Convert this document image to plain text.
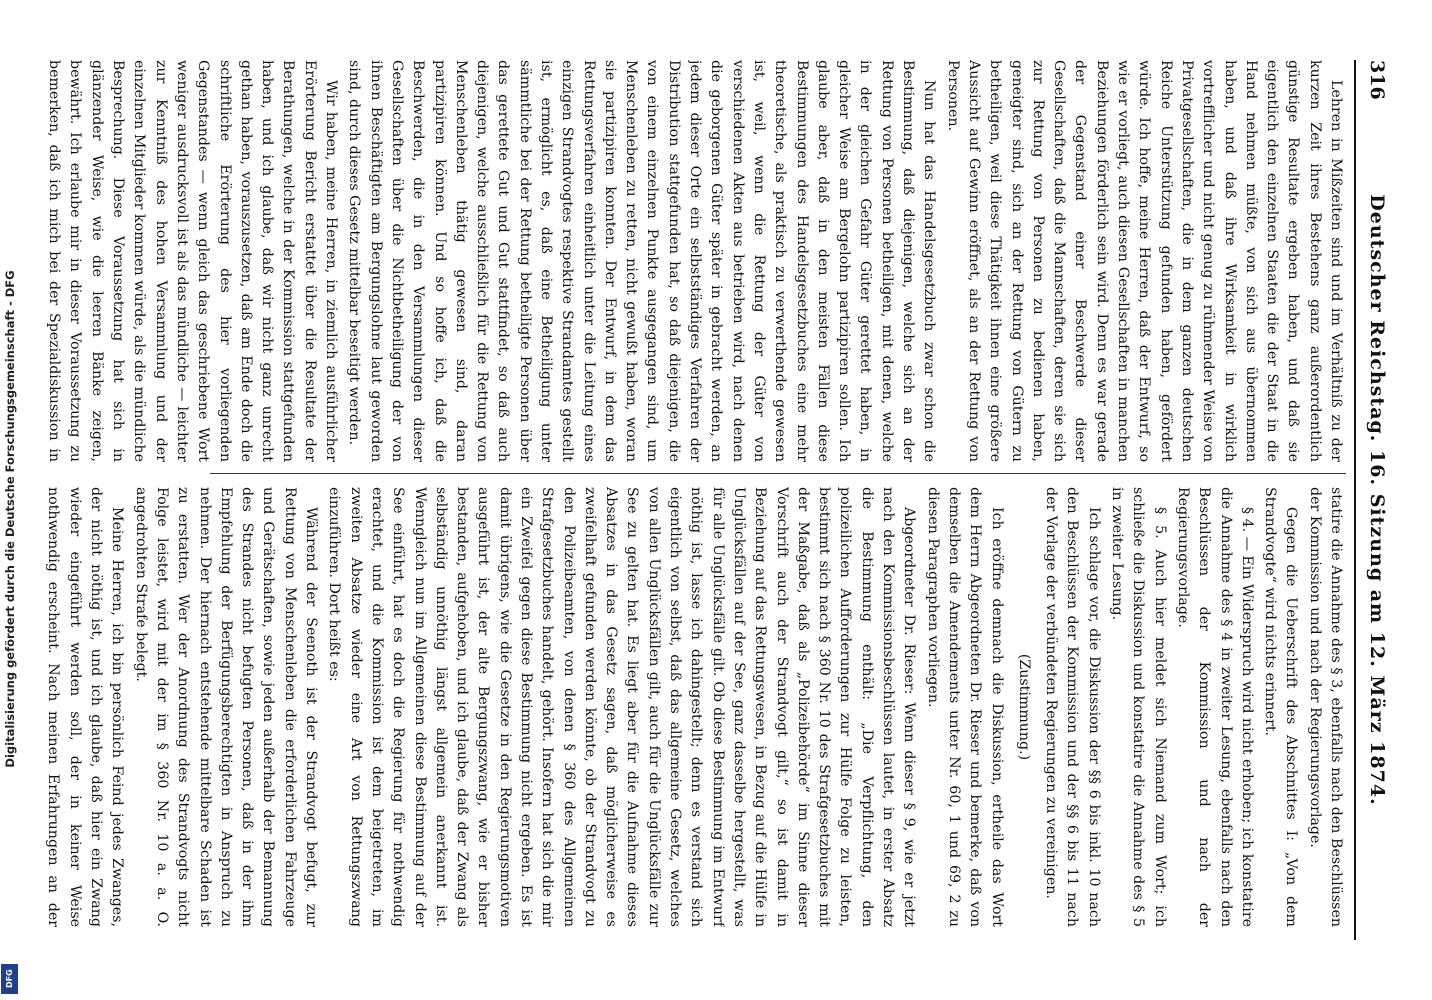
316
Deutscher Reichstag. 16. Sitzung am 12. März 1874.

Lehren in Mißzeiten sind und im Verhältniß zu der kurzen Zeit ihres Bestehens ganz außerordentlich günstige Resultate ergeben haben, und daß sie eigentlich den einzelnen Staaten die der Staat in die Hand nehmen müßte, von sich aus übernommen haben, und daß ihre Wirksamkeit in wirklich vortrefflicher und nicht genug zu rühmender Weise von Privatgesellschaften, die in dem ganzen deutschen Reiche Unterstützung gefunden haben, gefördert würde. Ich hoffe, meine Herren, daß der Entwurf, so wie er vorliegt, auch diesen Gesellschaften in manchen Beziehungen förderlich sein wird. Denn es war gerade der Gegenstand einer Beschwerde dieser Gesellschaften, daß die Mannschaften, deren sie sich zur Rettung von Personen zu bedienen haben, geneigter sind, sich an der Rettung von Gütern zu betheiligen, weil diese Thätigkeit ihnen eine größere Aussicht auf Gewinn eröffnet, als an der Rettung von Personen.

Nun hat das Handelsgesetzbuch zwar schon die Bestimmung, daß diejenigen, welche sich an der Rettung von Personen betheiligen, mit denen, welche in der gleichen Gefahr Güter gerettet haben, in gleicher Weise am Bergelohn partizipiren sollen. Ich glaube aber, daß in den meisten Fällen diese Bestimmungen des Handelsgesetzbuches eine mehr theoretische, als praktisch zu verwerthende gewesen ist, weil, wenn die Rettung der Güter von verschiedenen Akten aus betrieben wird, nach denen die geborgenen Güter später in gebracht werden, an jedem dieser Orte ein selbstständiges Verfahren der Distribution stattgefunden hat, so daß diejenigen, die von einem einzelnen Punkte ausgegangen sind, um Menschenleben zu retten, nicht gewußt haben, woran sie partizipiren konnten. Der Entwurf, in dem das Rettungsverfahren einheitlich unter die Leitung eines einzigen Strandvogtes respektive Strandamtes gestellt ist, ermöglicht es, daß eine Betheiligung unter sämmtliche bei der Rettung betheiligte Personen über das gerettete Gut und Gut stattfindet, so daß auch diejenigen, welche ausschließlich für die Rettung von Menschenleben thätig gewesen sind, daran partizipiren können. Und so hoffe ich, daß die Beschwerden, die in den Versammlungen dieser Gesellschaften über die Nichtbetheiligung der von ihnen Beschäftigten am Bergungslohne laut geworden sind, durch dieses Gesetz mittelbar beseitigt werden.

Wir haben, meine Herren, in ziemlich ausführlicher Erörterung Bericht erstattet über die Resultate der Berathungen, welche in der Kommission stattgefunden haben, und ich glaube, daß wir nicht ganz unrecht gethan haben, vorauszusetzen, daß am Ende doch die schriftliche Erörterung des hier vorliegenden Gegenstandes — wenn gleich das geschriebene Wort weniger ausdrucksvoll ist als das mündliche — leichter zur Kenntniß des hohen Versammlung und der einzelnen Mitglieder kommen würde, als die mündliche Besprechung. Diese Voraussetzung hat sich in glänzender Weise, wie die leeren Bänke zeigen, bewährt. Ich erlaube mir in dieser Voraussetzung zu bemerken, daß ich mich bei der Spezialdiskussion in

statire die Annahme des § 3, ebenfalls nach den Beschlüssen der Kommission und nach der Regierungsvorlage.

Gegen die Ueberschrift des Abschnittes I: „Von dem Strandvogte“ wird nichts erinnert.

§ 4. — Ein Widerspruch wird nicht erhoben; ich konstatire die Annahme des § 4 in zweiter Lesung, ebenfalls nach den Beschlüssen der Kommission und nach der Regierungsvorlage.

§ 5. Auch hier meldet sich Niemand zum Wort; ich schließe die Diskussion und konstatire die Annahme des § 5 in zweiter Lesung.

Ich schlage vor, die Diskussion der §§ 6 bis inkl. 10 nach den Beschlüssen der Kommission und der §§ 6 bis 11 nach der Vorlage der verbündeten Regierungen zu vereinigen.

(Zustimmung.)

Ich eröffne demnach die Diskussion, ertheile das Wort dem Herrn Abgeordneten Dr. Rieser und bemerke, daß von demselben die Amendements unter Nr. 60, 1 und 69, 2 zu diesen Paragraphen vorliegen.

Abgeordneter Dr. Rieser: Wenn dieser § 9, wie er jetzt nach den Kommissionsbeschlüssen lautet, in erster Absatz die Bestimmung enthält: „Die Verpflichtung, den polizeilichen Aufforderungen zur Hülfe Folge zu leisten, bestimmt sich nach § 360 Nr. 10 des Strafgesetzbuches mit der Maßgabe, daß als „Polizeibehörde“ im Sinne dieser Vorschrift auch der Strandvogt gilt,“ so ist damit in Beziehung auf das Rettungswesen, in Bezug auf die Hülfe in Unglücksfällen auf der See, ganz dasselbe hergestellt, was für alle Unglücksfälle gilt. Ob diese Bestimmung im Entwurf nöthig ist, lasse ich dahingestellt; denn es verstand sich eigentlich von selbst, daß das allgemeine Gesetz, welches von allen Unglücksfällen gilt, auch für die Unglücksfälle zur See zu gelten hat. Es liegt aber für die Aufnahme dieses Absatzes in das Gesetz sagen, daß möglicherweise es zweifelhaft gefunden werden könnte, ob der Strandvogt zu den Polizeibeamten, von denen § 360 des Allgemeinen Strafgesetzbuches handelt, gehört. Insofern hat sich die mir ein Zweifel gegen diese Bestimmung nicht ergeben. Es ist damit übrigens, wie die Gesetze in den Regierungsmotiven ausgeführt ist, der alte Bergungszwang, wie er bisher bestanden, aufgehoben, und ich glaube, daß der Zwang als selbständig unnöthig längst allgemein anerkannt ist. Wenngleich nun im Allgemeinen diese Bestimmung auf der See einführt, hat es doch die Regierung für nothwendig erachtet, und die Kommission ist dem beigetreten, im zweiten Absatze wieder eine Art von Rettungszwang einzuführen. Dort heißt es:

Während der Seenoth ist der Strandvogt befugt, zur Rettung von Menschenleben die erforderlichen Fahrzeuge und Gerätschaften, sowie jeden außerhalb der Bemannung des Strandes nicht befugten Personen, daß in der ihm Empfehlung der Berfügungsberechtigten in Anspruch zu nehmen. Der hiernach entstehende mittelbare Schaden ist zu erstatten. Wer der Anordnung des Strandvogts nicht Folge leistet, wird mit der im § 360 Nr. 10 a. a. O. angedrohten Strafe belegt.

Meine Herren, ich bin persönlich Feind jedes Zwanges, der nicht nöthig ist, und ich glaube, daß hier ein Zwang wieder eingeführt werden soll, der in keiner Weise nothwendig erscheint. Nach meinen Erfahrungen an der

Digitalisierung gefördert durch die Deutsche Forschungsgemeinschaft - DFG
DFG
